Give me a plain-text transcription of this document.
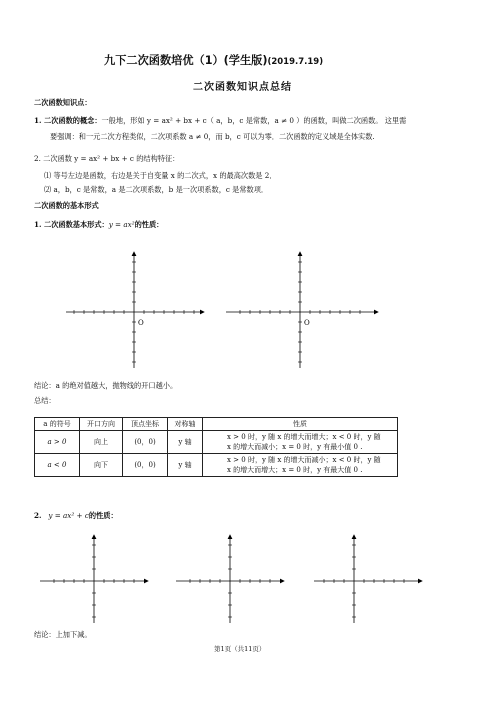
九下二次函数培优（1）(学生版)(2019.7.19)
二次函数知识点总结
二次函数知识点：
1. 二次函数的概念：一般地，形如 y = ax² + bx + c（ a，b，c 是常数，a ≠ 0 ）的函数，叫做二次函数。 这里需
要强调：和一元二次方程类似，二次项系数 a ≠ 0，而 b，c 可以为零．二次函数的定义域是全体实数.
2. 二次函数 y = ax² + bx + c 的结构特征：
⑴ 等号左边是函数，右边是关于自变量 x 的二次式，x 的最高次数是 2．
⑵ a，b，c 是常数，a 是二次项系数，b 是一次项系数，c 是常数项．
二次函数的基本形式
1. 二次函数基本形式：y = ax²的性质：
O	O
结论：a 的绝对值越大，抛物线的开口越小。
总结：
a 的符号	开口方向	顶点坐标	对称轴	性质
a > 0	向上	(0，0)	y 轴	x > 0 时，y 随 x 的增大而增大；x < 0 时，y 随
x 的增大而减小；x = 0 时，y 有最小值 0 .

a < 0	向下	(0，0)	y 轴	x > 0 时，y 随 x 的增大而减小；x < 0 时，y 随
x 的增大而增大；x = 0 时，y 有最大值 0 .
2. y = ax² + c的性质：
结论：上加下减。
第1页（共11页）
